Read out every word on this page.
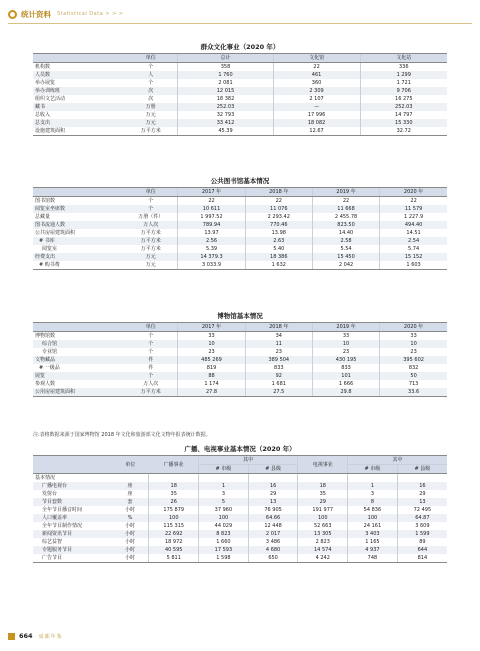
统计资料 Statistical Data > > >
群众文化事业（2020 年）
	单位	总计	文化馆	文化站
机构数	个	358	22	336
人员数	人	1 760	461	1 299
举办展览	个	2 081	360	1 721
举办训练班	次	12 015	2 309	9 706
组织文艺活动	次	18 382	2 107	16 275
藏书	万册	252.03	—	252.03
总收入	万元	32 793	17 996	14 797
总支出	万元	33 412	18 082	15 330
设施建筑面积	万平方米	45.39	12.67	32.72
公共图书馆基本情况
	单位	2017 年	2018 年	2019 年	2020 年
图书馆数	个	22	22	22	22
阅览室坐席数	个	10 611	11 076	11 668	11 579
总藏量	万册（件）	1 997.52	2 293.42	2 455.78	1 227.9
图书流通人数	万人次	789.94	770.46	823.50	494.40
公共房屋建筑面积	万平方米	13.97	13.98	14.40	14.51
# 书库	万平方米	2.56	2.63	2.58	2.54
阅览室	万平方米	5.39	5.40	5.54	5.74
经费支出	万元	14 379.3	18 386	15 450	15 152
# 购书费	万元	3 033.9	1 632	2 042	1 603
博物馆基本情况
	单位	2017 年	2018 年	2019 年	2020 年
博物馆数	个	33	34	33	33
综合馆	个	10	11	10	10
专业馆	个	23	23	23	23
文物藏品	件	485 269	389 504	430 195	395 602
# 一级品	件	819	833	833	832
展览	个	88	92	101	50
参观人数	万人次	1 174	1 681	1 666	713
公用房屋建筑面积	万平方米	27.8	27.5	29.8	33.6
注:表格数据来源于国家博物馆 2018 年文化和旅游部文化文物年报表统计数据。
广播、电视事业基本情况（2020 年）
	单位	广播事业	其中		电视事业	其中	
			# 市级	# 县级		# 市级	# 县级
基本情况							
广播电视台	座	18	1	16	18	1	16
发射台	座	35	3	29	35	3	29
节目套数	套	26	5	13	29	8	13
全年节目播音时间	小时	175 879	37 960	76 905	191 977	54 836	72 495
人口覆盖率	%	100	100	64.66	100	100	64.87
全年节目制作情况	小时	115 315	44 029	12 448	52 663	24 161	3 609
新闻资讯节目	小时	22 692	8 823	2 017	13 305	3 403	1 599
综艺益智	小时	18 972	1 660	3 486	2 823	1 165	89
专题服务节目	小时	40 595	17 593	4 680	14 574	4 937	644
广告节目	小时	5 811	1 598	650	4 242	748	814
664 成都年鉴
